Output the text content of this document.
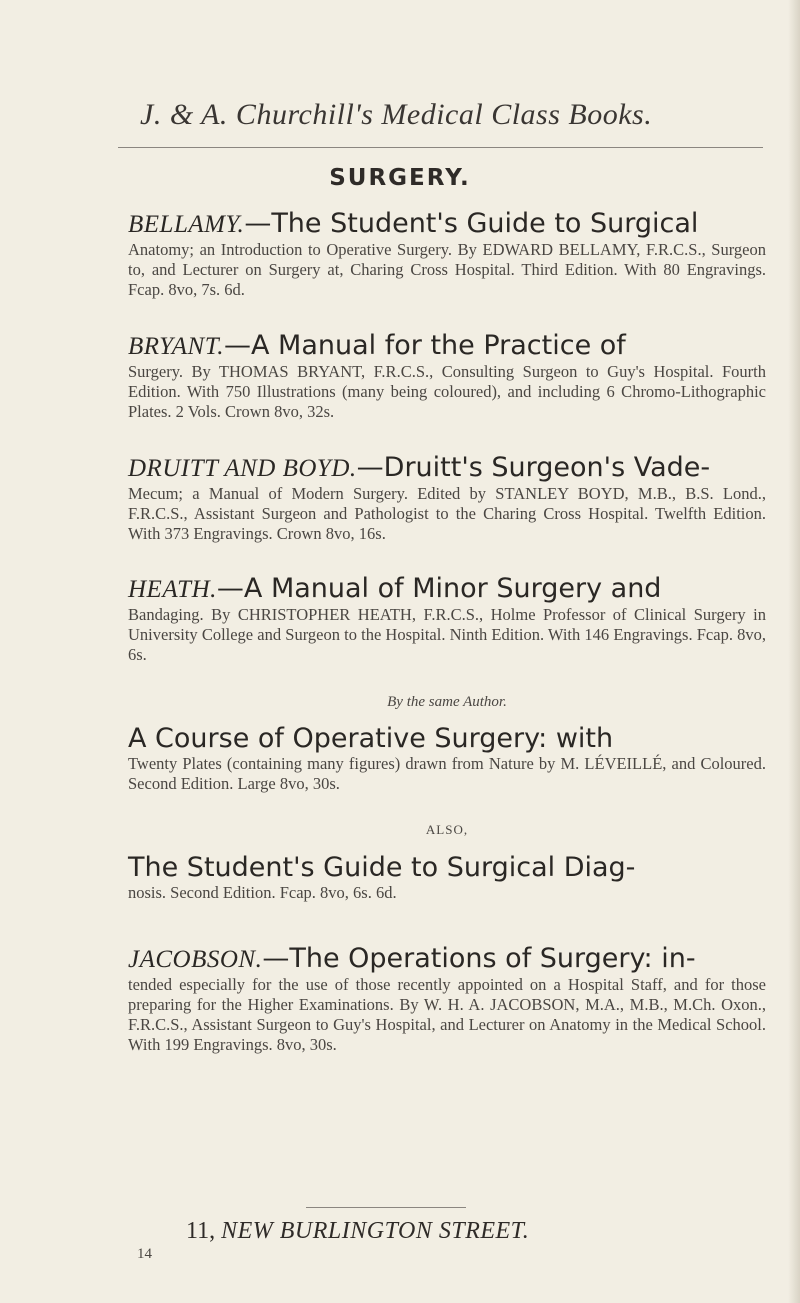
J. & A. Churchill's Medical Class Books.
SURGERY.
BELLAMY.—The Student's Guide to Surgical
Anatomy; an Introduction to Operative Surgery. By EDWARD BELLAMY, F.R.C.S., Surgeon to, and Lecturer on Surgery at, Charing Cross Hospital. Third Edition. With 80 Engravings. Fcap. 8vo, 7s. 6d.
BRYANT.—A Manual for the Practice of
Surgery. By THOMAS BRYANT, F.R.C.S., Consulting Surgeon to Guy's Hospital. Fourth Edition. With 750 Illustrations (many being coloured), and including 6 Chromo-Lithographic Plates. 2 Vols. Crown 8vo, 32s.
DRUITT AND BOYD.—Druitt's Surgeon's Vade-
Mecum; a Manual of Modern Surgery. Edited by STANLEY BOYD, M.B., B.S. Lond., F.R.C.S., Assistant Surgeon and Pathologist to the Charing Cross Hospital. Twelfth Edition. With 373 Engravings. Crown 8vo, 16s.
HEATH.—A Manual of Minor Surgery and
Bandaging. By CHRISTOPHER HEATH, F.R.C.S., Holme Professor of Clinical Surgery in University College and Surgeon to the Hospital. Ninth Edition. With 146 Engravings. Fcap. 8vo, 6s.
By the same Author.
A Course of Operative Surgery: with
Twenty Plates (containing many figures) drawn from Nature by M. LÉVEILLÉ, and Coloured. Second Edition. Large 8vo, 30s.
ALSO,
The Student's Guide to Surgical Diag-
nosis. Second Edition. Fcap. 8vo, 6s. 6d.
JACOBSON.—The Operations of Surgery: in-
tended especially for the use of those recently appointed on a Hospital Staff, and for those preparing for the Higher Examinations. By W. H. A. JACOBSON, M.A., M.B., M.Ch. Oxon., F.R.C.S., Assistant Surgeon to Guy's Hospital, and Lecturer on Anatomy in the Medical School. With 199 Engravings. 8vo, 30s.
11, NEW BURLINGTON STREET.
14
